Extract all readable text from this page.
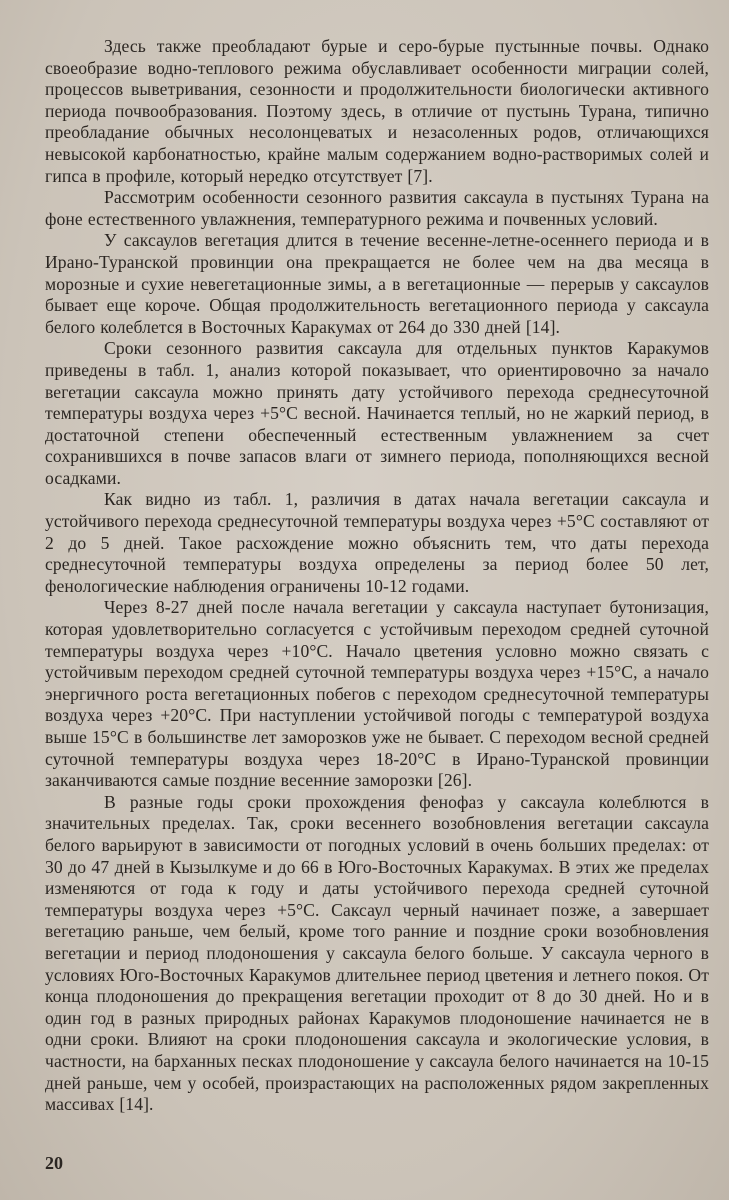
Здесь также преобладают бурые и серо-бурые пустынные почвы. Однако своеобразие водно-теплового режима обуславливает особенности миграции солей, процессов выветривания, сезонности и продолжительности биологически активного периода почвообразования. Поэтому здесь, в отличие от пустынь Турана, типично преобладание обычных несолонцеватых и незасоленных родов, отличающихся невысокой карбонатностью, крайне малым содержанием водно-растворимых солей и гипса в профиле, который нередко отсутствует [7].

Рассмотрим особенности сезонного развития саксаула в пустынях Турана на фоне естественного увлажнения, температурного режима и почвенных условий.

У саксаулов вегетация длится в течение весенне-летне-осеннего периода и в Ирано-Туранской провинции она прекращается не более чем на два месяца в морозные и сухие невегетационные зимы, а в вегетационные — перерыв у саксаулов бывает еще короче. Общая продолжительность вегетационного периода у саксаула белого колеблется в Восточных Каракумах от 264 до 330 дней [14].

Сроки сезонного развития саксаула для отдельных пунктов Каракумов приведены в табл. 1, анализ которой показывает, что ориентировочно за начало вегетации саксаула можно принять дату устойчивого перехода среднесуточной температуры воздуха через +5°С весной. Начинается теплый, но не жаркий период, в достаточной степени обеспеченный естественным увлажнением за счет сохранившихся в почве запасов влаги от зимнего периода, пополняющихся весной осадками.

Как видно из табл. 1, различия в датах начала вегетации саксаула и устойчивого перехода среднесуточной температуры воздуха через +5°С составляют от 2 до 5 дней. Такое расхождение можно объяснить тем, что даты перехода среднесуточной температуры воздуха определены за период более 50 лет, фенологические наблюдения ограничены 10-12 годами.

Через 8-27 дней после начала вегетации у саксаула наступает бутонизация, которая удовлетворительно согласуется с устойчивым переходом средней суточной температуры воздуха через +10°С. Начало цветения условно можно связать с устойчивым переходом средней суточной температуры воздуха через +15°С, а начало энергичного роста вегетационных побегов с переходом среднесуточной температуры воздуха через +20°С. При наступлении устойчивой погоды с температурой воздуха выше 15°С в большинстве лет заморозков уже не бывает. С переходом весной средней суточной температуры воздуха через 18-20°С в Ирано-Туранской провинции заканчиваются самые поздние весенние заморозки [26].

В разные годы сроки прохождения фенофаз у саксаула колеблются в значительных пределах. Так, сроки весеннего возобновления вегетации саксаула белого варьируют в зависимости от погодных условий в очень больших пределах: от 30 до 47 дней в Кызылкуме и до 66 в Юго-Восточных Каракумах. В этих же пределах изменяются от года к году и даты устойчивого перехода средней суточной температуры воздуха через +5°С. Саксаул черный начинает позже, а завершает вегетацию раньше, чем белый, кроме того ранние и поздние сроки возобновления вегетации и период плодоношения у саксаула белого больше. У саксаула черного в условиях Юго-Восточных Каракумов длительнее период цветения и летнего покоя. От конца плодоношения до прекращения вегетации проходит от 8 до 30 дней. Но и в один год в разных природных районах Каракумов плодоношение начинается не в одни сроки. Влияют на сроки плодоношения саксаула и экологические условия, в частности, на барханных песках плодоношение у саксаула белого начинается на 10-15 дней раньше, чем у особей, произрастающих на расположенных рядом закрепленных массивах [14].

20
